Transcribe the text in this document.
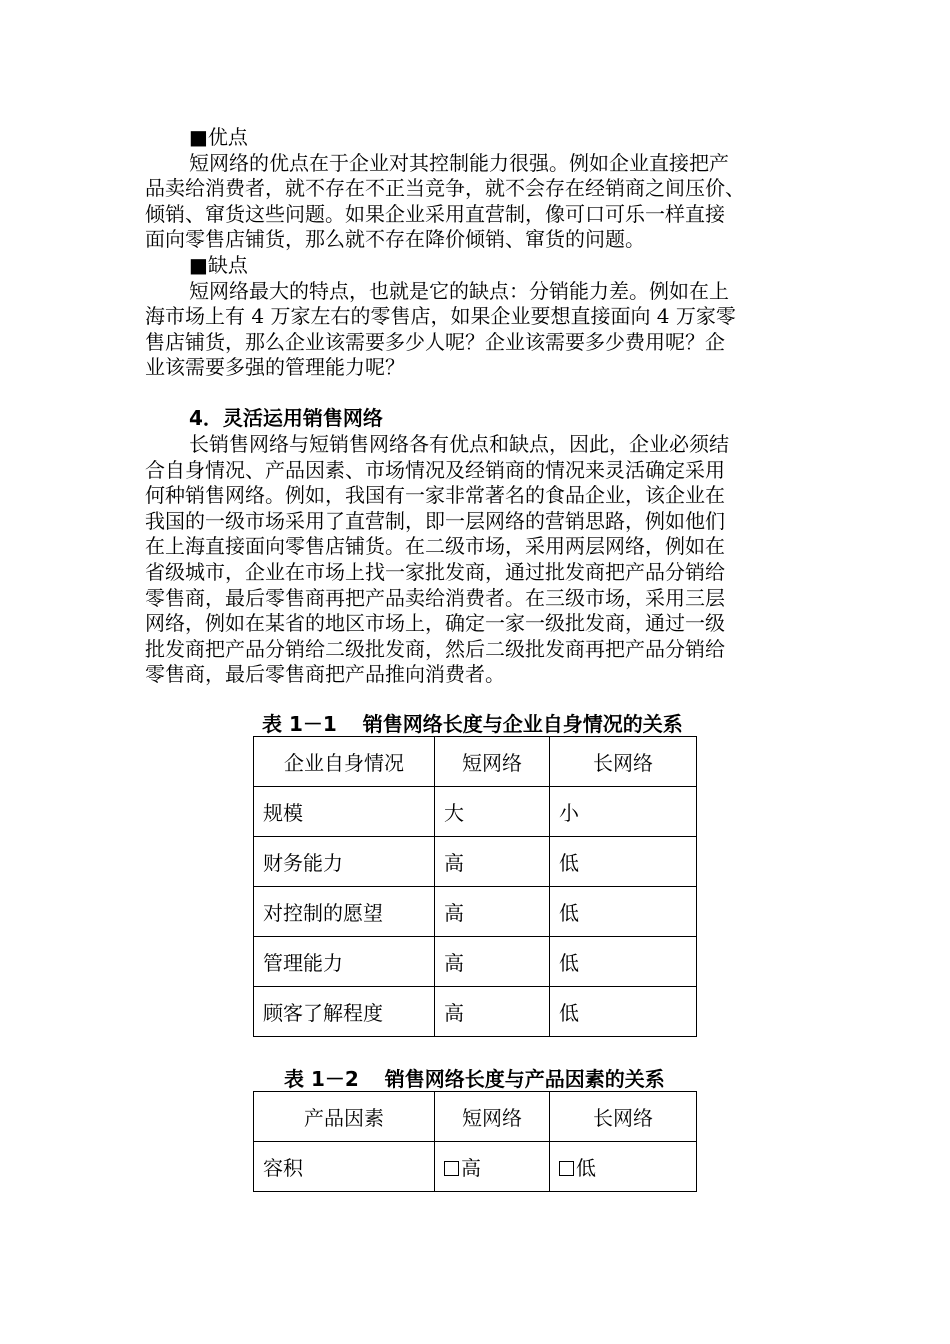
■优点
短网络的优点在于企业对其控制能力很强。例如企业直接把产
品卖给消费者，就不存在不正当竞争，就不会存在经销商之间压价、
倾销、窜货这些问题。如果企业采用直营制，像可口可乐一样直接
面向零售店铺货，那么就不存在降价倾销、窜货的问题。
■缺点
短网络最大的特点，也就是它的缺点：分销能力差。例如在上
海市场上有 4 万家左右的零售店，如果企业要想直接面向 4 万家零
售店铺货，那么企业该需要多少人呢？企业该需要多少费用呢？企
业该需要多强的管理能力呢？
4．灵活运用销售网络
长销售网络与短销售网络各有优点和缺点，因此，企业必须结
合自身情况、产品因素、市场情况及经销商的情况来灵活确定采用
何种销售网络。例如，我国有一家非常著名的食品企业，该企业在
我国的一级市场采用了直营制，即一层网络的营销思路，例如他们
在上海直接面向零售店铺货。在二级市场，采用两层网络，例如在
省级城市，企业在市场上找一家批发商，通过批发商把产品分销给
零售商，最后零售商再把产品卖给消费者。在三级市场，采用三层
网络，例如在某省的地区市场上，确定一家一级批发商，通过一级
批发商把产品分销给二级批发商，然后二级批发商再把产品分销给
零售商，最后零售商把产品推向消费者。
表 1－1 销售网络长度与企业自身情况的关系
企业自身情况	短网络	长网络
规模	大	小
财务能力	高	低
对控制的愿望	高	低
管理能力	高	低
顾客了解程度	高	低
表 1－2 销售网络长度与产品因素的关系
产品因素	短网络	长网络
容积	高	低
